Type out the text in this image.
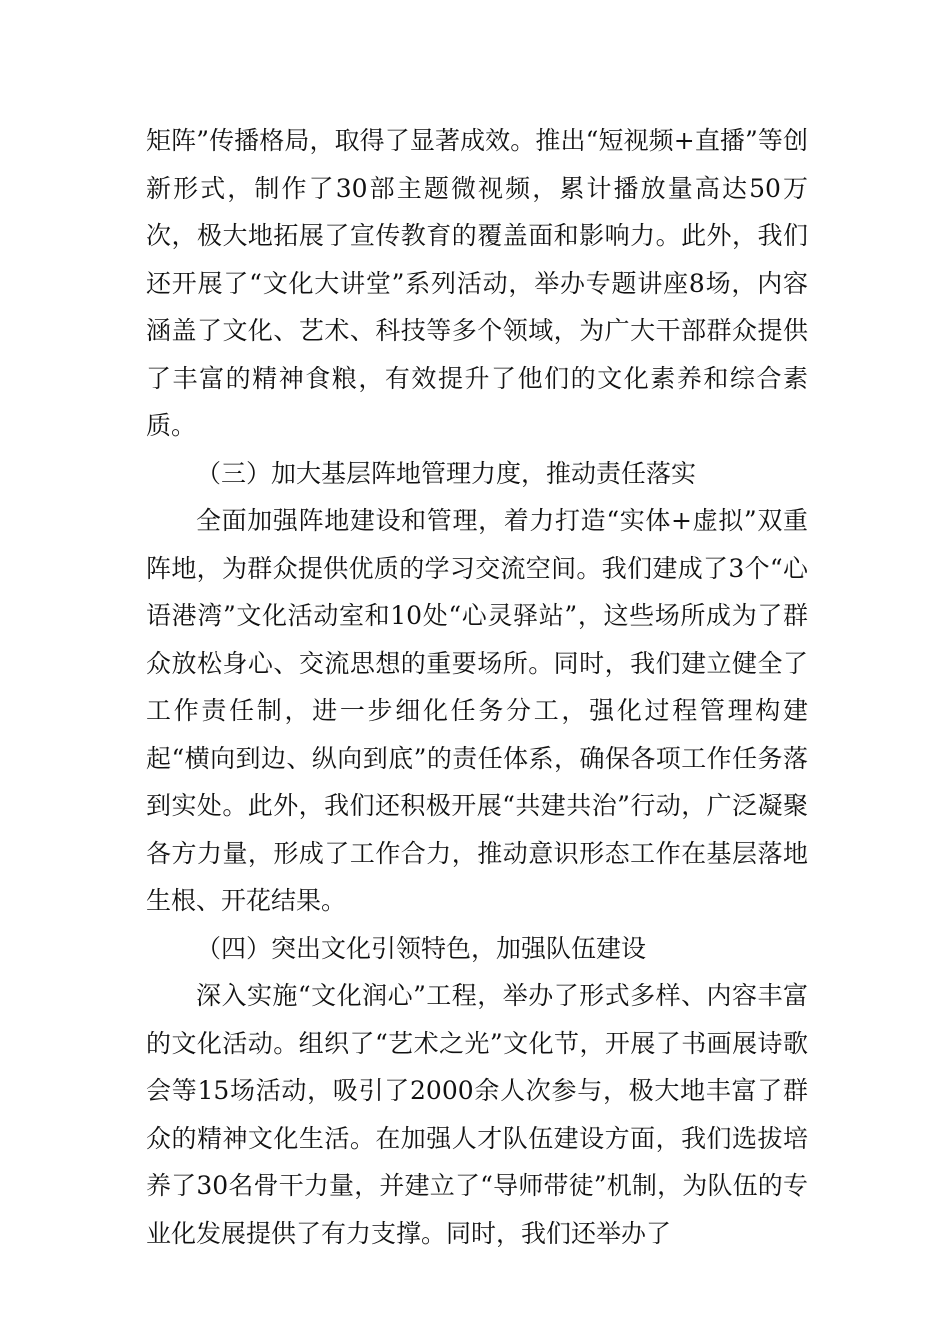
矩阵”传播格局，取得了显著成效。推出“短视频+直播”等创新形式，制作了30部主题微视频，累计播放量高达50万次，极大地拓展了宣传教育的覆盖面和影响力。此外，我们还开展了“文化大讲堂”系列活动，举办专题讲座8场，内容涵盖了文化、艺术、科技等多个领域，为广大干部群众提供了丰富的精神食粮，有效提升了他们的文化素养和综合素质。

（三）加大基层阵地管理力度，推动责任落实

全面加强阵地建设和管理，着力打造“实体+虚拟”双重阵地，为群众提供优质的学习交流空间。我们建成了3个“心语港湾”文化活动室和10处“心灵驿站”，这些场所成为了群众放松身心、交流思想的重要场所。同时，我们建立健全了工作责任制，进一步细化任务分工，强化过程管理构建起“横向到边、纵向到底”的责任体系，确保各项工作任务落到实处。此外，我们还积极开展“共建共治”行动，广泛凝聚各方力量，形成了工作合力，推动意识形态工作在基层落地生根、开花结果。

（四）突出文化引领特色，加强队伍建设

深入实施“文化润心”工程，举办了形式多样、内容丰富的文化活动。组织了“艺术之光”文化节，开展了书画展诗歌会等15场活动，吸引了2000余人次参与，极大地丰富了群众的精神文化生活。在加强人才队伍建设方面，我们选拔培养了30名骨干力量，并建立了“导师带徒”机制，为队伍的专业化发展提供了有力支撑。同时，我们还举办了
